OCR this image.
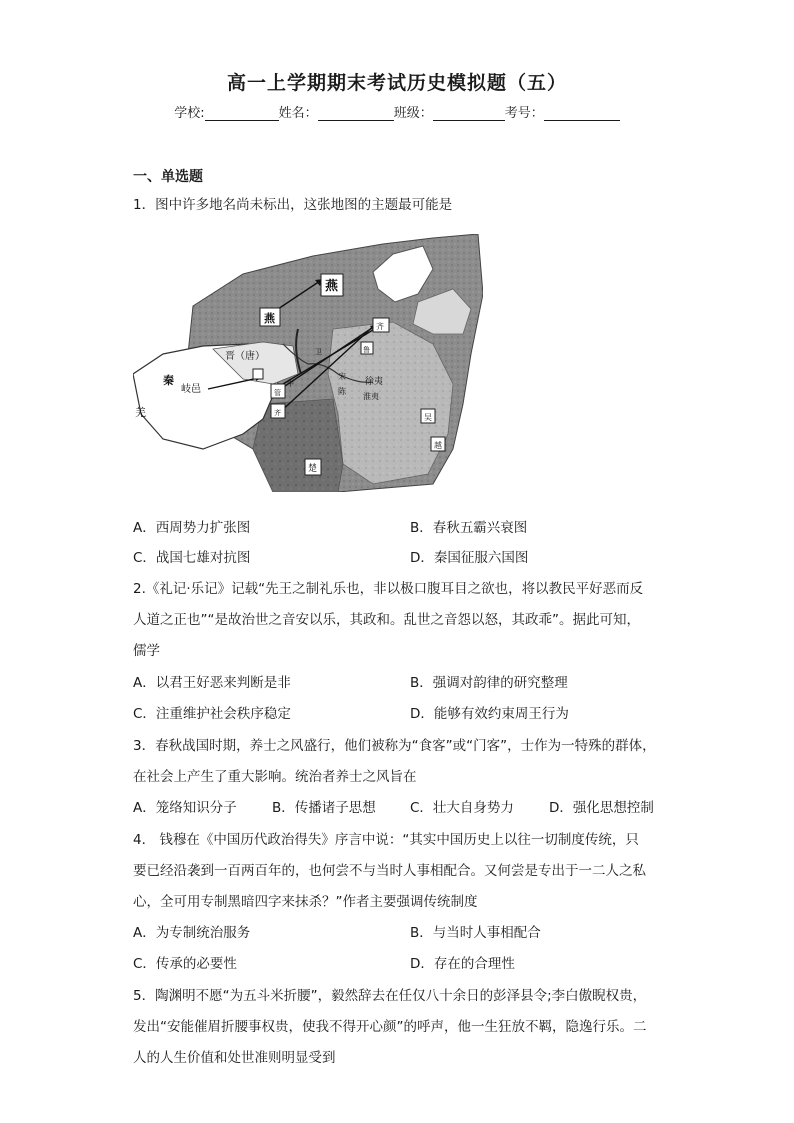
高一上学期期末考试历史模拟题（五）
学校:	姓名：	班级：	考号：
一、单选题
1．图中许多地名尚未标出，这张地图的主题最可能是
燕
齐
燕
晋（唐）	卫	鲁
秦
岐邑	中
宋
徐夷
管	陈
淮夷
齐	吴
羌
楚
越
A．西周势力扩张图	B．春秋五霸兴衰图
C．战国七雄对抗图	D．秦国征服六国图
2.《礼记·乐记》记载“先王之制礼乐也，非以极口腹耳目之欲也，将以教民平好恶而反
人道之正也”“是故治世之音安以乐，其政和。乱世之音怨以怒，其政乖”。据此可知，
儒学
A．以君王好恶来判断是非	B．强调对韵律的研究整理
C．注重维护社会秩序稳定	D．能够有效约束周王行为
3．春秋战国时期，养士之风盛行，他们被称为“食客”或“门客”，士作为一特殊的群体，
在社会上产生了重大影响。统治者养士之风旨在
A．笼络知识分子	B．传播诸子思想	C．壮大自身势力	D．强化思想控制
4． 钱穆在《中国历代政治得失》序言中说：“其实中国历史上以往一切制度传统，只
要已经沿袭到一百两百年的，也何尝不与当时人事相配合。又何尝是专出于一二人之私
心，全可用专制黑暗四字来抹杀？”作者主要强调传统制度
A．为专制统治服务	B．与当时人事相配合
C．传承的必要性	D．存在的合理性
5．陶渊明不愿“为五斗米折腰”，毅然辞去在任仅八十余日的彭泽县令;李白傲睨权贵，
发出“安能催眉折腰事权贵，使我不得开心颜”的呼声，他一生狂放不羁，隐逸行乐。二
人的人生价值和处世准则明显受到
